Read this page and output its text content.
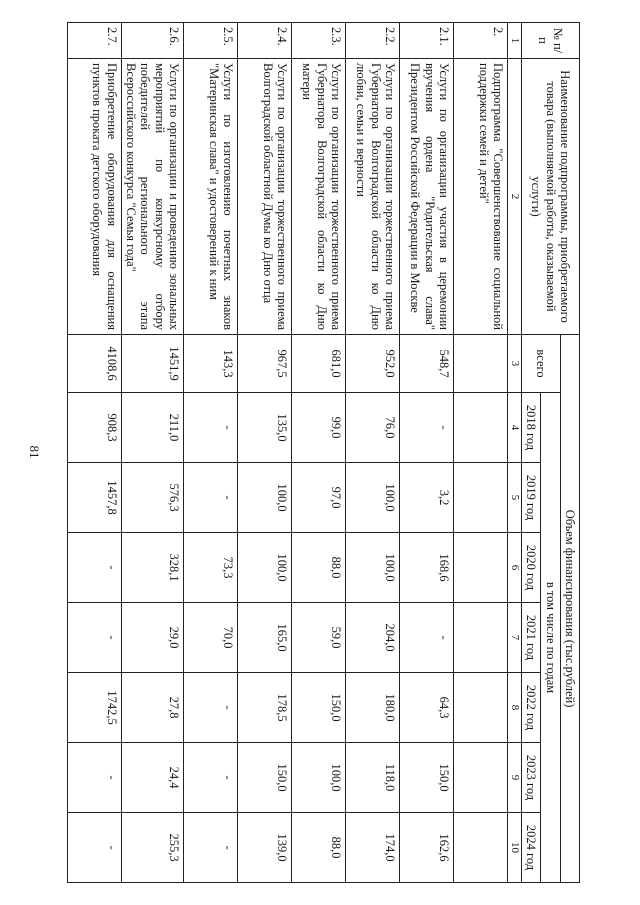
81
№ п/п	Наименование подпрограммы, приобретаемого товара (выполняемой работы, оказываемой услуги)	Объем финансирования (тыс.рублей)							
		всего	в том числе по годам						
			2018 год	2019 год	2020 год	2021 год	2022 год	2023 год	2024 год
1	2	3	4	5	6	7	8	9	10
2.	Подпрограмма "Совершенствование социальной поддержки семей и детей"								
2.1.	Услуги по организации участия в церемонии вручения ордена "Родительская слава" Президентом Российской Федерации в Москве	548,7	-	3,2	168,6	-	64,3	150,0	162,6
2.2.	Услуги по организации торжественного приема Губернатора Волгоградской области ко Дню любви, семьи и верности	952,0	76,0	100,0	100,0	204,0	180,0	118,0	174,0
2.3.	Услуги по организации торжественного приема Губернатора Волгоградской области ко Дню матери	681,0	99,0	97,0	88,0	59,0	150,0	100,0	88,0
2.4.	Услуги по организации торжественного приема Волгоградской областной Думы ко Дню отца	967,5	135,0	100,0	100,0	165,0	178,5	150,0	139,0
2.5.	Услуги по изготовлению почетных знаков "Материнская слава" и удостоверений к ним	143,3	-	-	73,3	70,0	-	-	-
2.6.	Услуги по организации и проведению зональных мероприятий по конкурсному отбору победителей регионального этапа Всероссийского конкурса "Семья года"	1451,9	211,0	576,3	328,1	29,0	27,8	24,4	255,3
2.7.	Приобретение оборудования для оснащения пунктов проката детского оборудования	4108,6	908,3	1457,8	-	-	1742,5	-	-
